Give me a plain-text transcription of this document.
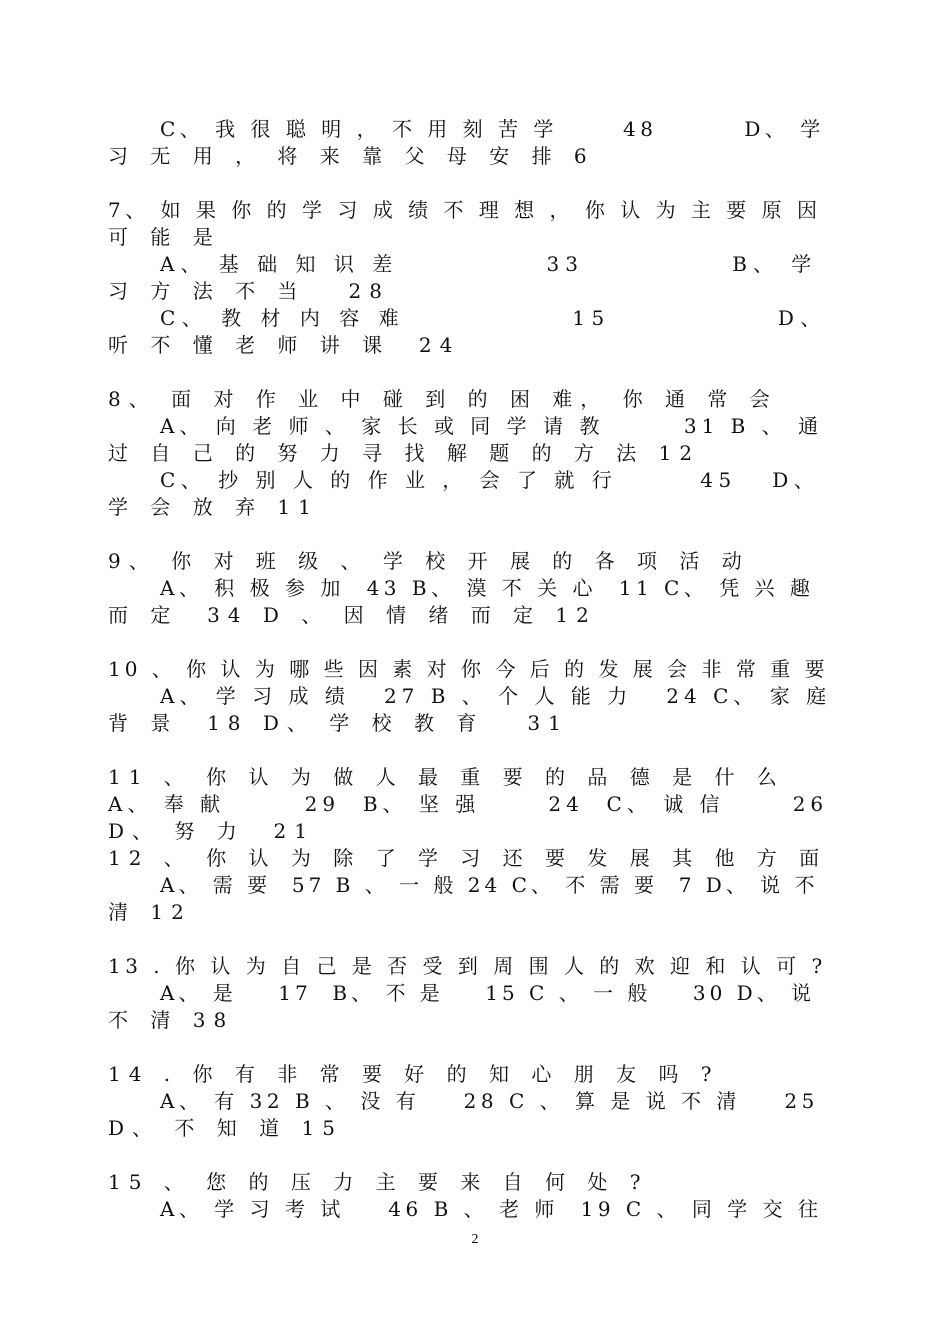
C、 我 很 聪 明 ， 不 用 刻 苦 学      48        D、 学
习 无 用 ， 将 来 靠 父 母 安 排 6
7、 如 果 你 的 学 习 成 绩 不 理 想 ， 你 认 为 主 要 原 因
可 能 是
A、 基 础 知 识 差            33            B、 学
习 方 法 不 当   28
C、 教 材 内 容 难             15             D、
听 不 懂 老 师 讲 课  24
8、 面 对 作 业 中 碰 到 的 困 难， 你 通 常 会
A、 向 老 师 、 家 长 或 同 学 请 教       31 B 、 通
过 自 己 的 努 力 寻 找 解 题 的 方 法 12
C、 抄 别 人 的 作 业 ， 会 了 就 行       45   D、
学 会 放 弃 11
9、 你 对 班 级 、 学 校 开 展 的 各 项 活 动
A、 积 极 参 加  43 B、 漠 不 关 心  11 C、 凭 兴 趣
而 定  34 D 、 因 情 绪 而 定 12
10 、 你 认 为 哪 些 因 素 对 你 今 后 的 发 展 会 非 常 重 要
A、 学 习 成 绩   27 B 、 个 人 能 力   24 C、 家 庭
背 景  18 D、 学 校 教 育   31
11 、 你 认 为 做 人 最 重 要 的 品 德 是 什 么
A、 奉 献       29  B、 坚 强      24  C、 诚 信      26
D、 努 力  21
12 、 你 认 为 除 了 学 习 还 要 发 展 其 他 方 面
A、 需 要  57 B 、 一 般 24 C、 不 需 要  7 D、 说 不
清 12
13 . 你 认 为 自 己 是 否 受 到 周 围 人 的 欢 迎 和 认 可 ?
A、 是    17  B、 不 是    15 C 、 一 般    30 D、 说
不 清 38
14 . 你 有 非 常 要 好 的 知 心 朋 友 吗 ?
A、 有 32 B 、 没 有    28 C 、 算 是 说 不 清    25
D、 不 知 道 15
15 、 您 的 压 力 主 要 来 自 何 处 ?
A、 学 习 考 试    46 B 、 老 师  19 C 、 同 学 交 往
2
